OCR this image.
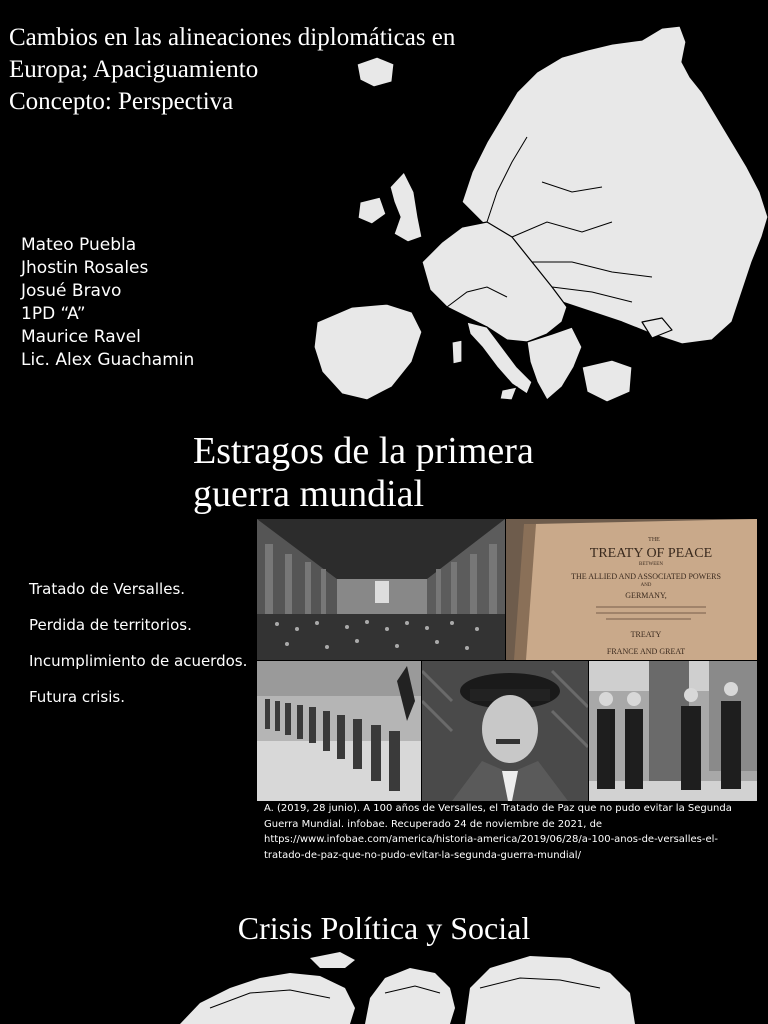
Cambios en las alineaciones diplomáticas en
Europa; Apaciguamiento
Concepto: Perspectiva
Mateo Puebla
Jhostin Rosales
Josué Bravo
1PD “A”
Maurice Ravel
Lic. Alex Guachamin
Estragos de la primera
guerra mundial
Tratado de Versalles.
Perdida de territorios.
Incumplimiento de acuerdos.
Futura crisis.
THE
TREATY OF PEACE
BETWEEN
THE ALLIED AND ASSOCIATED POWERS
AND
GERMANY,
TREATY
FRANCE AND GREAT
A. (2019, 28 junio). A 100 años de Versalles, el Tratado de Paz que no pudo evitar la Segunda Guerra Mundial. infobae. Recuperado 24 de noviembre de 2021, de https://www.infobae.com/america/historia-america/2019/06/28/a-100-anos-de-versalles-el-tratado-de-paz-que-no-pudo-evitar-la-segunda-guerra-mundial/
Crisis Política y Social
